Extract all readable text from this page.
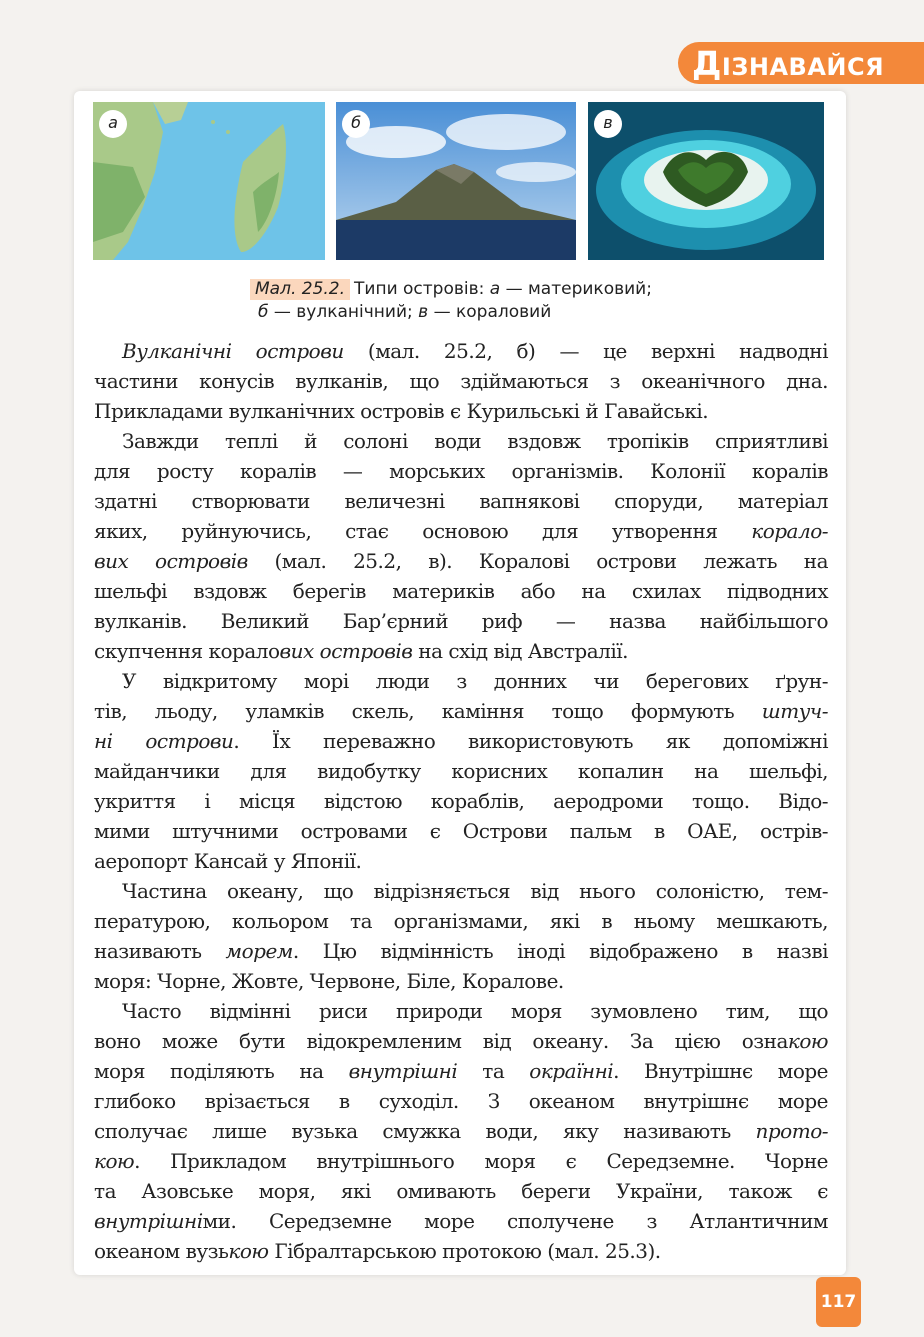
ДІЗНАВАЙСЯ
а	б	в
Мал. 25.2. Типи островів: а — материковий;
б — вулканічний; в — кораловий
Вулканічні острови (мал. 25.2, б) — це верхні надводні
частини конусів вулканів, що здіймаються з океанічного дна.
Прикладами вулканічних островів є Курильські й Гавайські.
Завжди теплі й солоні води вздовж тропіків сприятливі
для росту коралів — морських організмів. Колонії коралів
здатні створювати величезні вапнякові споруди, матеріал
яких, руйнуючись, стає основою для утворення корало-
вих островів (мал. 25.2, в). Коралові острови лежать на
шельфі вздовж берегів материків або на схилах підводних
вулканів. Великий Бар’єрний риф — назва найбільшого
скупчення коралових островів на схід від Австралії.
У відкритому морі люди з донних чи берегових ґрун-
тів, льоду, уламків скель, каміння тощо формують штуч-
ні острови. Їх переважно використовують як допоміжні
майданчики для видобутку корисних копалин на шельфі,
укриття і місця відстою кораблів, аеродроми тощо. Відо-
мими штучними островами є Острови пальм в ОАЕ, острів-
аеропорт Кансай у Японії.
Частина океану, що відрізняється від нього солоністю, тем-
пературою, кольором та організмами, які в ньому мешкають,
називають морем. Цю відмінність іноді відображено в назві
моря: Чорне, Жовте, Червоне, Біле, Коралове.
Часто відмінні риси природи моря зумовлено тим, що
воно може бути відокремленим від океану. За цією ознакою
моря поділяють на внутрішні та окраїнні. Внутрішнє море
глибоко врізається в суходіл. З океаном внутрішнє море
сполучає лише вузька смужка води, яку називають прото-
кою. Прикладом внутрішнього моря є Середземне. Чорне
та Азовське моря, які омивають береги України, також є
внутрішніми. Середземне море сполучене з Атлантичним
океаном вузькою Гібралтарською протокою (мал. 25.3).
117
